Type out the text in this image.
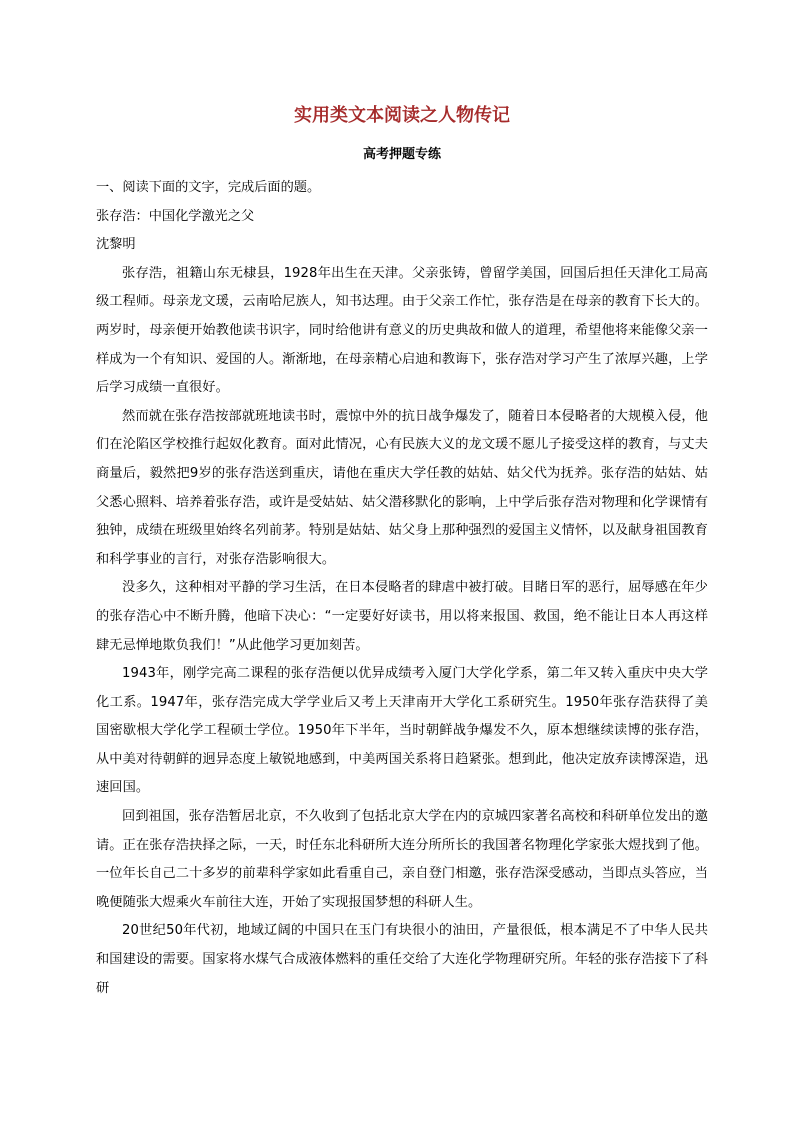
实用类文本阅读之人物传记
高考押题专练

一、阅读下面的文字，完成后面的题。

张存浩：中国化学激光之父

沈黎明

张存浩，祖籍山东无棣县，1928年出生在天津。父亲张铸，曾留学美国，回国后担任天津化工局高级工程师。母亲龙文瑗，云南哈尼族人，知书达理。由于父亲工作忙，张存浩是在母亲的教育下长大的。两岁时，母亲便开始教他读书识字，同时给他讲有意义的历史典故和做人的道理，希望他将来能像父亲一样成为一个有知识、爱国的人。渐渐地，在母亲精心启迪和教诲下，张存浩对学习产生了浓厚兴趣，上学后学习成绩一直很好。

然而就在张存浩按部就班地读书时，震惊中外的抗日战争爆发了，随着日本侵略者的大规模入侵，他们在沦陷区学校推行起奴化教育。面对此情况，心有民族大义的龙文瑗不愿儿子接受这样的教育，与丈夫商量后，毅然把9岁的张存浩送到重庆，请他在重庆大学任教的姑姑、姑父代为抚养。张存浩的姑姑、姑父悉心照料、培养着张存浩，或许是受姑姑、姑父潜移默化的影响，上中学后张存浩对物理和化学课情有独钟，成绩在班级里始终名列前茅。特别是姑姑、姑父身上那种强烈的爱国主义情怀，以及献身祖国教育和科学事业的言行，对张存浩影响很大。

没多久，这种相对平静的学习生活，在日本侵略者的肆虐中被打破。目睹日军的恶行，屈辱感在年少的张存浩心中不断升腾，他暗下决心：“一定要好好读书，用以将来报国、救国，绝不能让日本人再这样肆无忌惮地欺负我们！”从此他学习更加刻苦。

1943年，刚学完高二课程的张存浩便以优异成绩考入厦门大学化学系，第二年又转入重庆中央大学化工系。1947年，张存浩完成大学学业后又考上天津南开大学化工系研究生。1950年张存浩获得了美国密歇根大学化学工程硕士学位。1950年下半年，当时朝鲜战争爆发不久，原本想继续读博的张存浩，从中美对待朝鲜的迥异态度上敏锐地感到，中美两国关系将日趋紧张。想到此，他决定放弃读博深造，迅速回国。

回到祖国，张存浩暂居北京，不久收到了包括北京大学在内的京城四家著名高校和科研单位发出的邀请。正在张存浩抉择之际，一天，时任东北科研所大连分所所长的我国著名物理化学家张大煜找到了他。一位年长自己二十多岁的前辈科学家如此看重自己，亲自登门相邀，张存浩深受感动，当即点头答应，当晚便随张大煜乘火车前往大连，开始了实现报国梦想的科研人生。

20世纪50年代初，地域辽阔的中国只在玉门有块很小的油田，产量很低，根本满足不了中华人民共和国建设的需要。国家将水煤气合成液体燃料的重任交给了大连化学物理研究所。年轻的张存浩接下了科研
